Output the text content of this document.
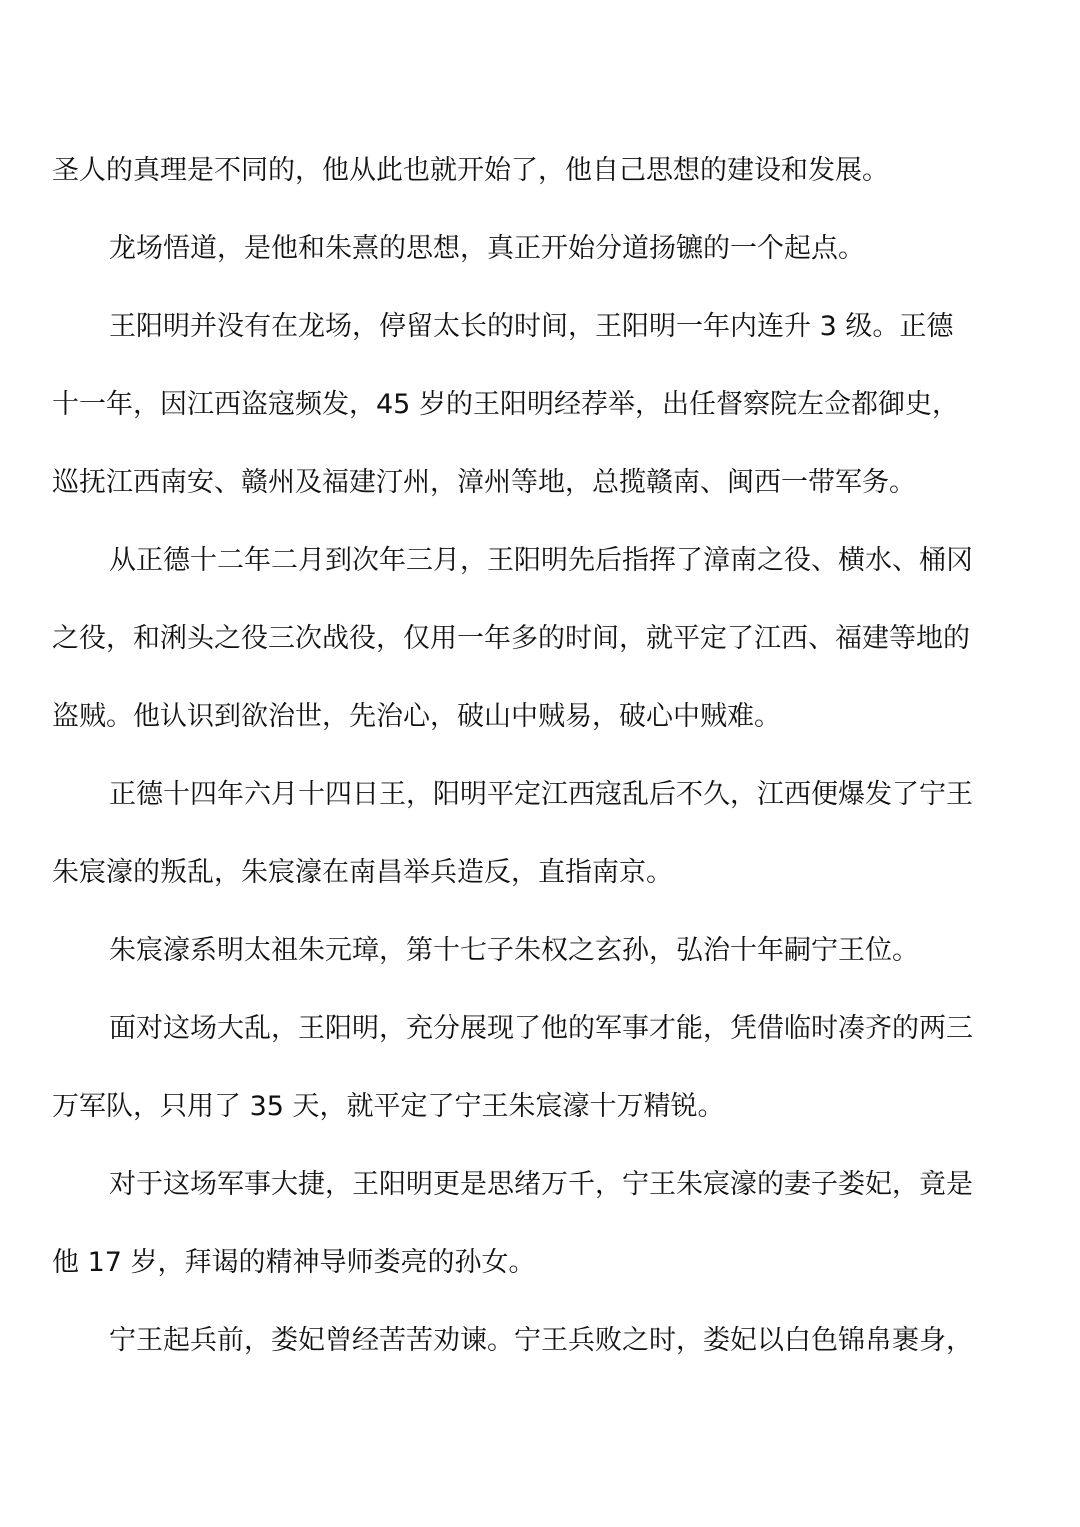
圣人的真理是不同的，他从此也就开始了，他自己思想的建设和发展。
龙场悟道，是他和朱熹的思想，真正开始分道扬镳的一个起点。
王阳明并没有在龙场，停留太长的时间，王阳明一年内连升 3 级。正德
十一年，因江西盗寇频发，45 岁的王阳明经荐举，出任督察院左佥都御史，
巡抚江西南安、赣州及福建汀州，漳州等地，总揽赣南、闽西一带军务。
从正德十二年二月到次年三月，王阳明先后指挥了漳南之役、横水、桶冈
之役，和浰头之役三次战役，仅用一年多的时间，就平定了江西、福建等地的
盗贼。他认识到欲治世，先治心，破山中贼易，破心中贼难。
正德十四年六月十四日王，阳明平定江西寇乱后不久，江西便爆发了宁王
朱宸濠的叛乱，朱宸濠在南昌举兵造反，直指南京。
朱宸濠系明太祖朱元璋，第十七子朱权之玄孙，弘治十年嗣宁王位。
面对这场大乱，王阳明，充分展现了他的军事才能，凭借临时凑齐的两三
万军队，只用了 35 天，就平定了宁王朱宸濠十万精锐。
对于这场军事大捷，王阳明更是思绪万千，宁王朱宸濠的妻子娄妃，竟是
他 17 岁，拜谒的精神导师娄亮的孙女。
宁王起兵前，娄妃曾经苦苦劝谏。宁王兵败之时，娄妃以白色锦帛裹身，
